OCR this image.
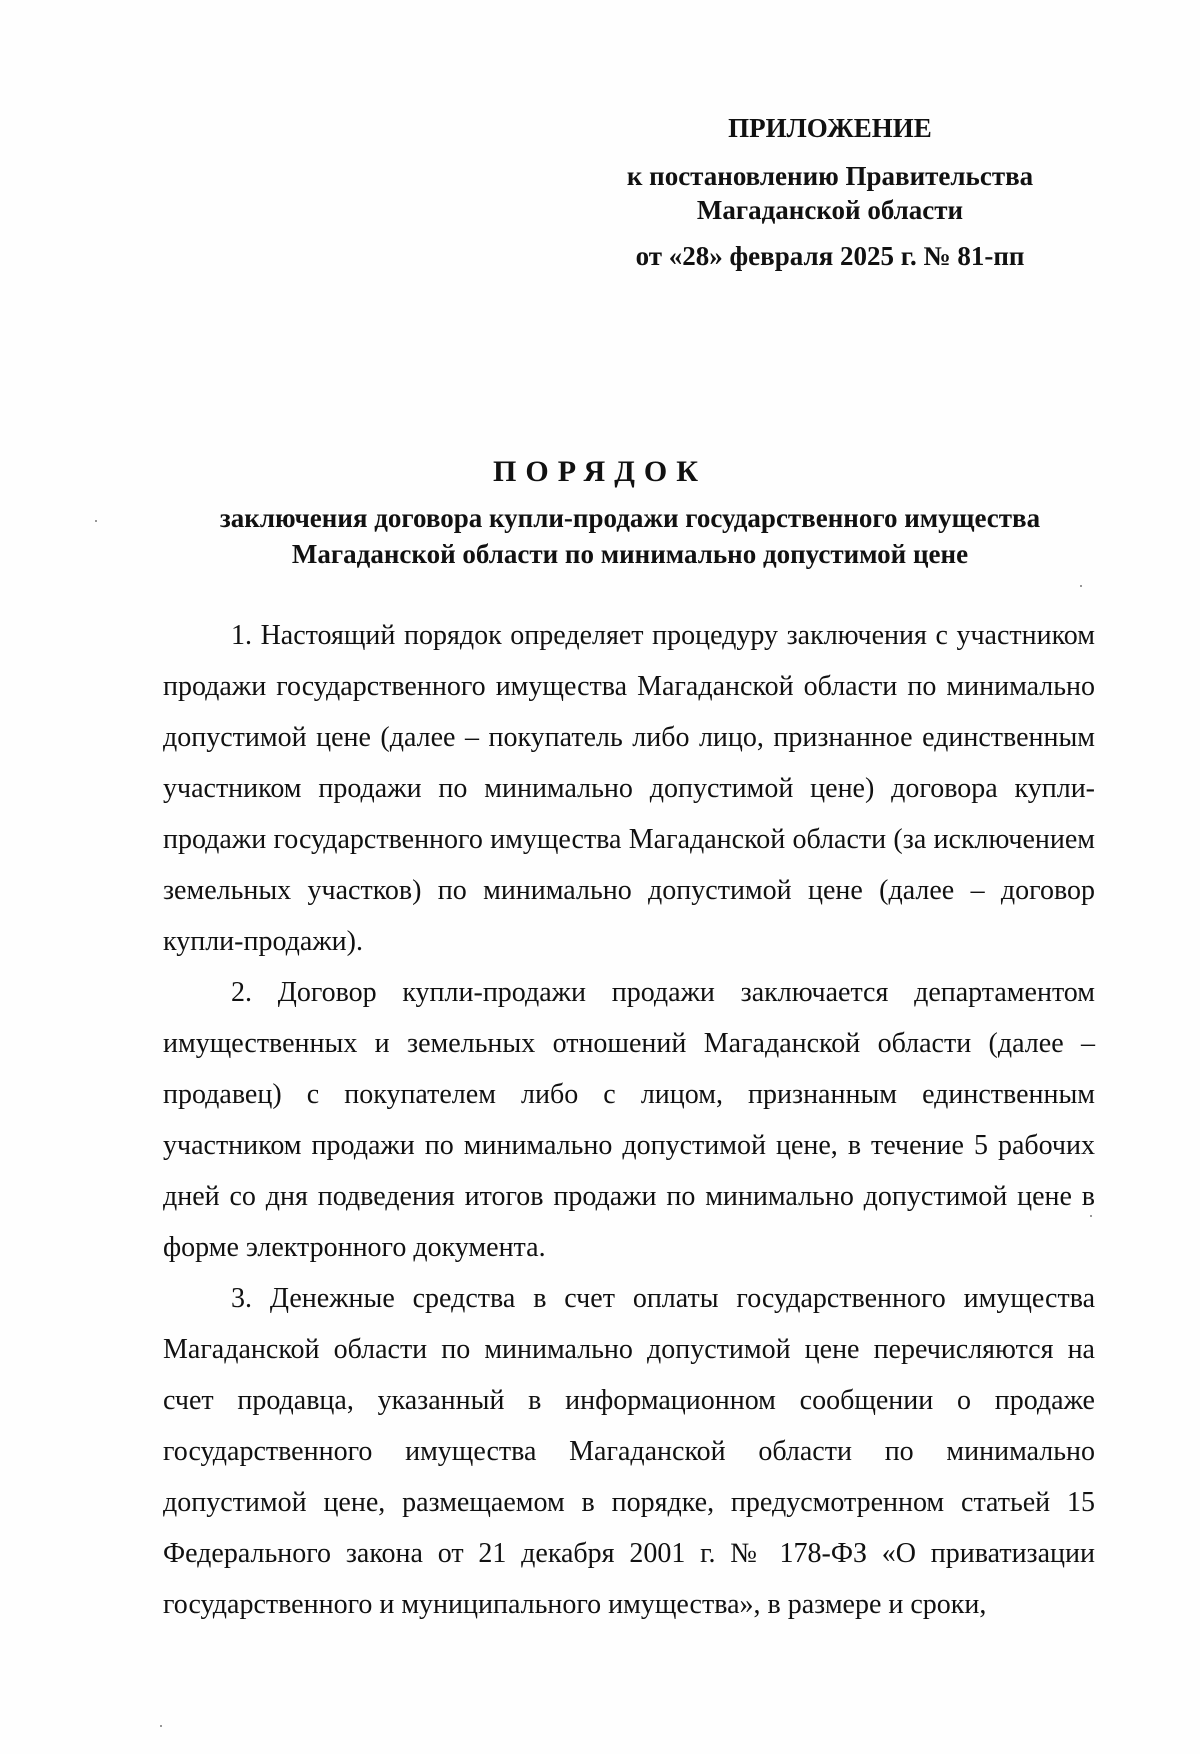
ПРИЛОЖЕНИЕ
к постановлению Правительства
Магаданской области
от «28» февраля 2025 г. № 81-пп
ПОРЯДОК
заключения договора купли-продажи государственного имущества
Магаданской области по минимально допустимой цене

1. Настоящий порядок определяет процедуру заключения с участником продажи государственного имущества Магаданской области по минимально допустимой цене (далее – покупатель либо лицо, признанное единственным участником продажи по минимально допустимой цене) договора купли-продажи государственного имущества Магаданской области (за исключением земельных участков) по минимально допустимой цене (далее – договор купли-продажи).

2. Договор купли-продажи продажи заключается департаментом имущественных и земельных отношений Магаданской области (далее – продавец) с покупателем либо с лицом, признанным единственным участником продажи по минимально допустимой цене, в течение 5 рабочих дней со дня подведения итогов продажи по минимально допустимой цене в форме электронного документа.

3. Денежные средства в счет оплаты государственного имущества Магаданской области по минимально допустимой цене перечисляются на счет продавца, указанный в информационном сообщении о продаже государственного имущества Магаданской области по минимально допустимой цене, размещаемом в порядке, предусмотренном статьей 15 Федерального закона от 21 декабря 2001 г. № 178-ФЗ «О приватизации государственного и муниципального имущества», в размере и сроки,
